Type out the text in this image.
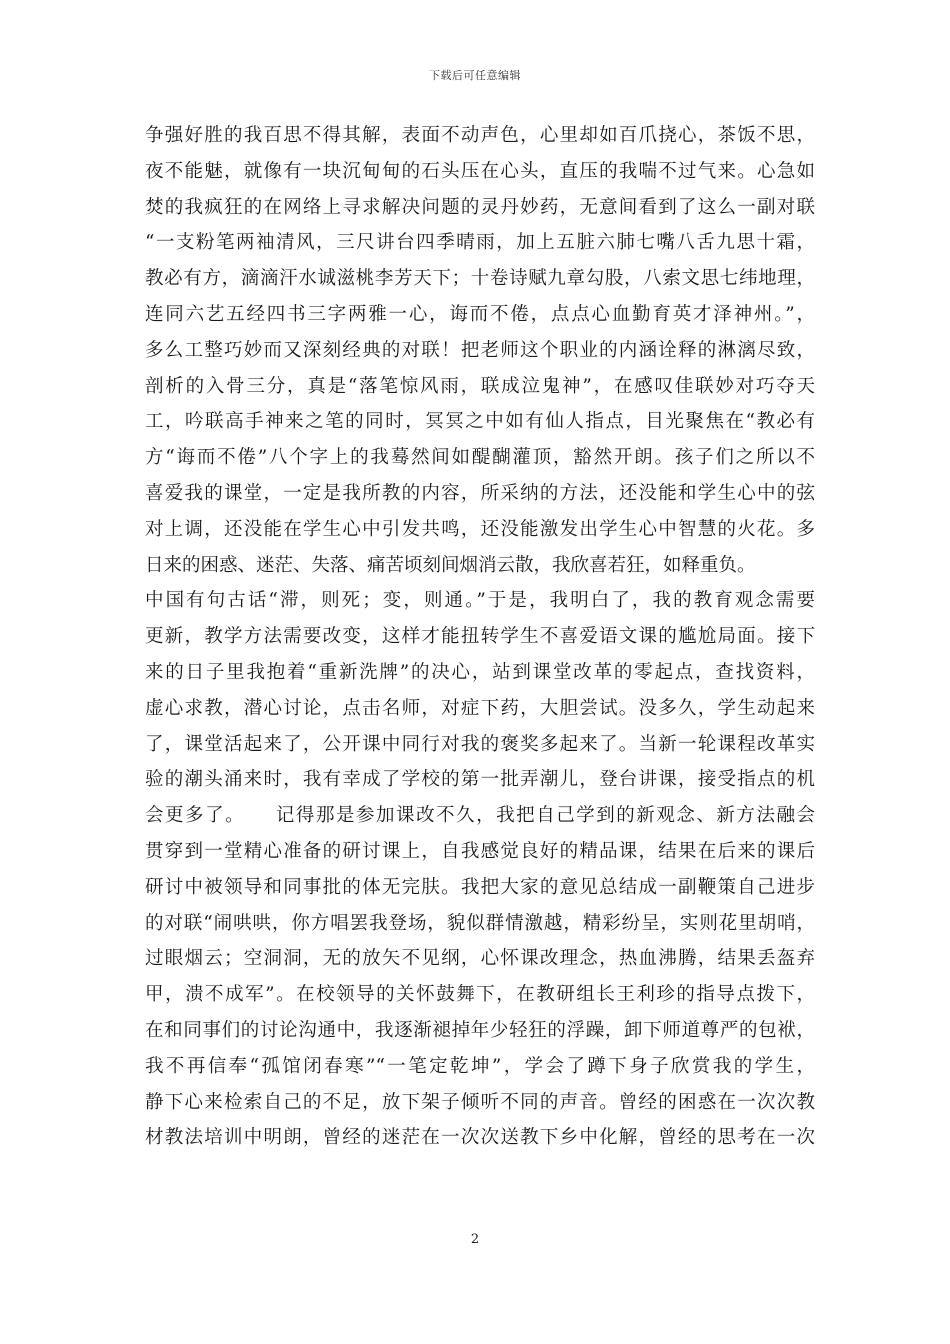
下载后可任意编辑
争强好胜的我百思不得其解，表面不动声色，心里却如百爪挠心，茶饭不思，
夜不能魅，就像有一块沉甸甸的石头压在心头，直压的我喘不过气来。心急如
焚的我疯狂的在网络上寻求解决问题的灵丹妙药，无意间看到了这么一副对联
“一支粉笔两袖清风，三尺讲台四季晴雨，加上五脏六肺七嘴八舌九思十霜，
教必有方，滴滴汗水诚滋桃李芳天下；十卷诗赋九章勾股，八索文思七纬地理，
连同六艺五经四书三字两雅一心，诲而不倦，点点心血勤育英才泽神州。”，
多么工整巧妙而又深刻经典的对联！把老师这个职业的内涵诠释的淋漓尽致，
剖析的入骨三分，真是“落笔惊风雨，联成泣鬼神”，在感叹佳联妙对巧夺天
工，吟联高手神来之笔的同时，冥冥之中如有仙人指点，目光聚焦在“教必有
方“诲而不倦”八个字上的我蓦然间如醍醐灌顶，豁然开朗。孩子们之所以不
喜爱我的课堂，一定是我所教的内容，所采纳的方法，还没能和学生心中的弦
对上调，还没能在学生心中引发共鸣，还没能激发出学生心中智慧的火花。多
日来的困惑、迷茫、失落、痛苦顷刻间烟消云散，我欣喜若狂，如释重负。
中国有句古话“滞，则死；变，则通。”于是，我明白了，我的教育观念需要
更新，教学方法需要改变，这样才能扭转学生不喜爱语文课的尴尬局面。接下
来的日子里我抱着“重新洗牌”的决心，站到课堂改革的零起点，查找资料，
虚心求教，潜心讨论，点击名师，对症下药，大胆尝试。没多久，学生动起来
了，课堂活起来了，公开课中同行对我的褒奖多起来了。当新一轮课程改革实
验的潮头涌来时，我有幸成了学校的第一批弄潮儿，登台讲课，接受指点的机
会更多了。　　记得那是参加课改不久，我把自己学到的新观念、新方法融会
贯穿到一堂精心准备的研讨课上，自我感觉良好的精品课，结果在后来的课后
研讨中被领导和同事批的体无完肤。我把大家的意见总结成一副鞭策自己进步
的对联“闹哄哄，你方唱罢我登场，貌似群情激越，精彩纷呈，实则花里胡哨，
过眼烟云；空洞洞，无的放矢不见纲，心怀课改理念，热血沸腾，结果丢盔弃
甲，溃不成军”。在校领导的关怀鼓舞下，在教研组长王利珍的指导点拨下，
在和同事们的讨论沟通中，我逐渐褪掉年少轻狂的浮躁，卸下师道尊严的包袱，
我不再信奉“孤馆闭春寒”“一笔定乾坤”，学会了蹲下身子欣赏我的学生，
静下心来检索自己的不足，放下架子倾听不同的声音。曾经的困惑在一次次教
材教法培训中明朗，曾经的迷茫在一次次送教下乡中化解，曾经的思考在一次
2
